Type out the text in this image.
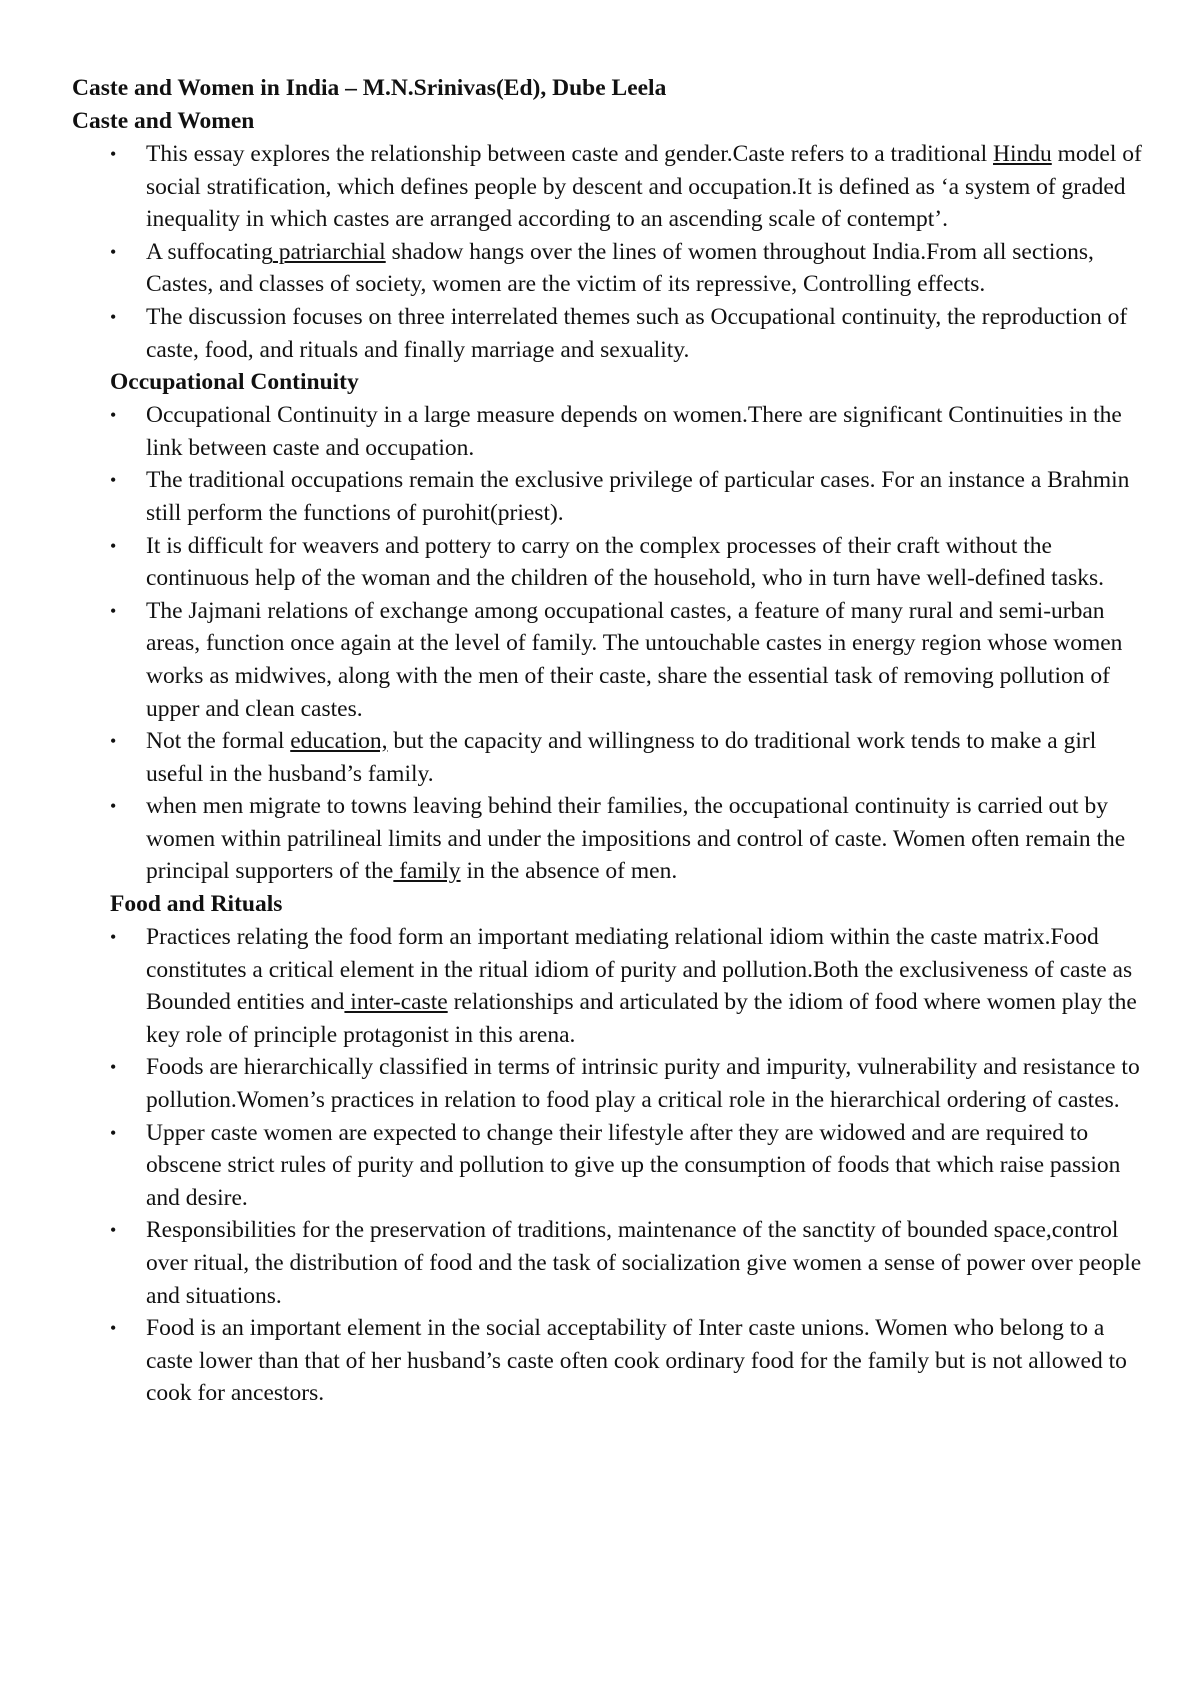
Caste and Women in India – M.N.Srinivas(Ed), Dube Leela

Caste and Women

•	This essay explores the relationship between caste and gender.Caste refers to a traditional Hindu model of social stratification, which defines people by descent and occupation.It is defined as ‘a system of graded inequality in which castes are arranged according to an ascending scale of contempt’.
•	A suffocating patriarchial shadow hangs over the lines of women throughout India.From all sections, Castes, and classes of society, women are the victim of its repressive, Controlling effects.
•	The discussion focuses on three interrelated themes such as Occupational continuity, the reproduction of caste, food, and rituals and finally marriage and sexuality.

Occupational Continuity

•	Occupational Continuity in a large measure depends on women.There are significant Continuities in the link between caste and occupation.
•	The traditional occupations remain the exclusive privilege of particular cases. For an instance a Brahmin still perform the functions of purohit(priest).
•	It is difficult for weavers and pottery to carry on the complex processes of their craft without the continuous help of the woman and the children of the household, who in turn have well-defined tasks.
•	The Jajmani relations of exchange among occupational castes, a feature of many rural and semi-urban areas, function once again at the level of family. The untouchable castes in energy region whose women works as midwives, along with the men of their caste, share the essential task of removing pollution of upper and clean castes.
•	Not the formal education, but the capacity and willingness to do traditional work tends to make a girl useful in the husband’s family.
•	when men migrate to towns leaving behind their families, the occupational continuity is carried out by women within patrilineal limits and under the impositions and control of caste. Women often remain the principal supporters of the family in the absence of men.

Food and Rituals

•	Practices relating the food form an important mediating relational idiom within the caste matrix.Food constitutes a critical element in the ritual idiom of purity and pollution.Both the exclusiveness of caste as Bounded entities and inter-caste relationships and articulated by the idiom of food where women play the key role of principle protagonist in this arena.
•	Foods are hierarchically classified in terms of intrinsic purity and impurity, vulnerability and resistance to pollution.Women’s practices in relation to food play a critical role in the hierarchical ordering of castes.
•	Upper caste women are expected to change their lifestyle after they are widowed and are required to obscene strict rules of purity and pollution to give up the consumption of foods that which raise passion and desire.
•	Responsibilities for the preservation of traditions, maintenance of the sanctity of bounded space,control over ritual, the distribution of food and the task of socialization give women a sense of power over people and situations.
•	Food is an important element in the social acceptability of Inter caste unions. Women who belong to a caste lower than that of her husband’s caste often cook ordinary food for the family but is not allowed to cook for ancestors.
